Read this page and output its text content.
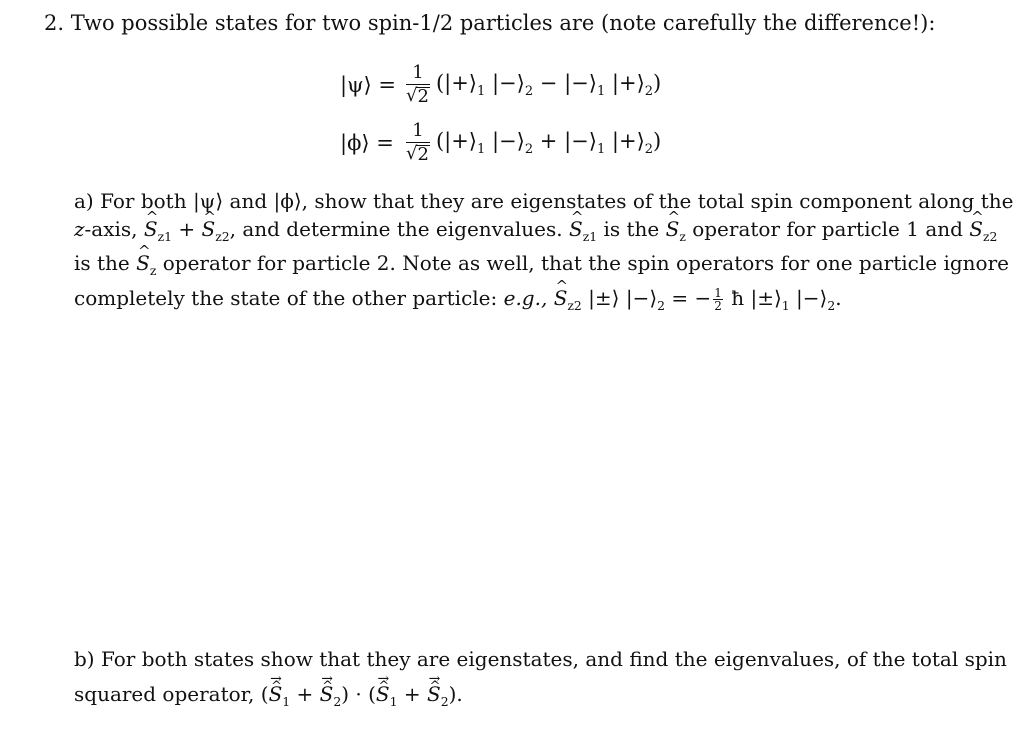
2. Two possible states for two spin-1/2 particles are (note carefully the difference!):
|ψ⟩ = $\frac{1}{√ 2}$ ($|+⟩_1$ $|-⟩_2$ − $|-⟩_1$ $|+⟩_2$)
|ϕ⟩ = $\frac{1}{√ 2}$ ($|+⟩_1$ $|-⟩_2$ + $|-⟩_1$ $|+⟩_2$)
a) For both |ψ⟩ and |ϕ⟩, show that they are eigenstates of the total spin component along the
z-axis, ^ $S_{z1}$ + ^ $S_{z2}$, and determine the eigenvalues. ^ $S_{z1}$ is the ^ $S_z$ operator for particle 1 and ^ $S_{z2}$
is the ^ $S_z$ operator for particle 2. Note as well, that the spin operators for one particle ignore
completely the state of the other particle: e.g., ^ $S_{z2}$ |±⟩ $|-⟩_2$ = − $\frac{1}{2}$ ħ $|\pm⟩_1$ $|-⟩_2$.
b) For both states show that they are eigenstates, and find the eigenvalues, of the total spin
squared operator, (→ S $\^{}_1$ + → S $\^{}_2$) · (→ S $\^{}_1$ + → S $\^{}_2$).
